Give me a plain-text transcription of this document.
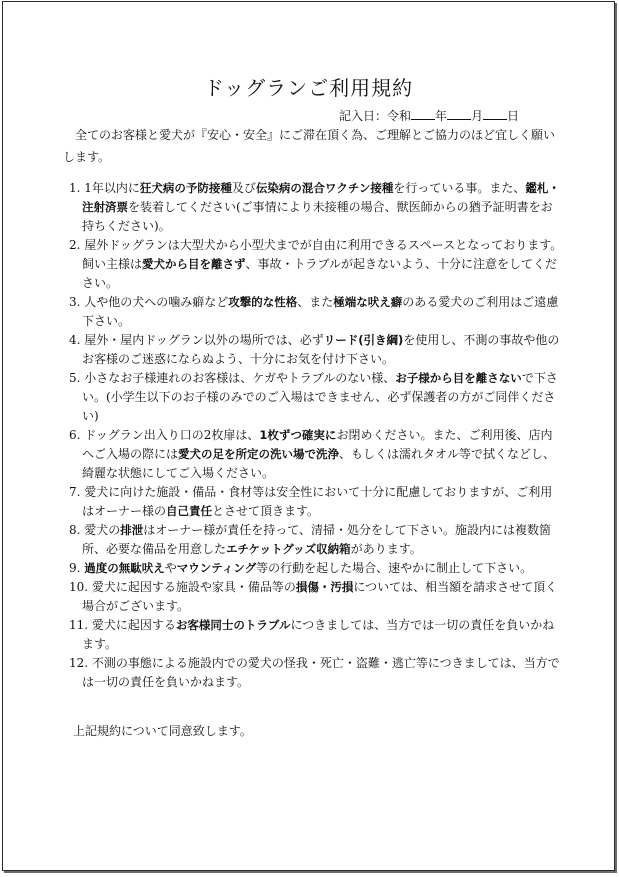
ドッグランご利用規約
記入日：令和 年 月 日
全てのお客様と愛犬が『安心・安全』にご滞在頂く為、ご理解とご協力のほど宜しく願いします。
1. 1年以内に狂犬病の予防接種及び伝染病の混合ワクチン接種を行っている事。また、鑑札・注射済票を装着してください(ご事情により未接種の場合、獣医師からの猶予証明書をお持ちください)。
2. 屋外ドッグランは大型犬から小型犬までが自由に利用できるスペースとなっております。飼い主様は愛犬から目を離さず、事故・トラブルが起きないよう、十分に注意をしてください。
3. 人や他の犬への噛み癖など攻撃的な性格、また極端な吠え癖のある愛犬のご利用はご遠慮下さい。
4. 屋外・屋内ドッグラン以外の場所では、必ずリード(引き綱)を使用し、不測の事故や他のお客様のご迷惑にならぬよう、十分にお気を付け下さい。
5. 小さなお子様連れのお客様は、ケガやトラブルのない様、お子様から目を離さないで下さい。(小学生以下のお子様のみでのご入場はできません、必ず保護者の方がご同伴ください)
6. ドッグラン出入り口の2枚扉は、1枚ずつ確実にお閉めください。また、ご利用後、店内へご入場の際には愛犬の足を所定の洗い場で洗浄、もしくは濡れタオル等で拭くなどし、綺麗な状態にしてご入場ください。
7. 愛犬に向けた施設・備品・食材等は安全性において十分に配慮しておりますが、ご利用はオーナー様の自己責任とさせて頂きます。
8. 愛犬の排泄はオーナー様が責任を持って、清掃・処分をして下さい。施設内には複数箇所、必要な備品を用意したエチケットグッズ収納箱があります。
9. 過度の無駄吠えやマウンティング等の行動を起した場合、速やかに制止して下さい。
10. 愛犬に起因する施設や家具・備品等の損傷・汚損については、相当額を請求させて頂く場合がございます。
11. 愛犬に起因するお客様同士のトラブルにつきましては、当方では一切の責任を負いかねます。
12. 不測の事態による施設内での愛犬の怪我・死亡・盗難・逃亡等につきましては、当方では一切の責任を負いかねます。
上記規約について同意致します。
